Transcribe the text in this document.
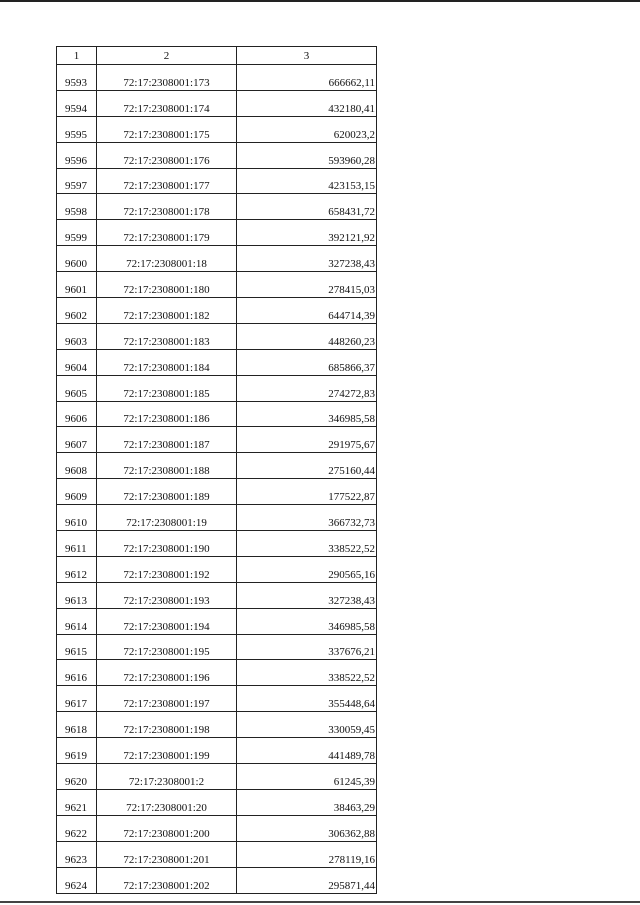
1	2	3
9593	72:17:2308001:173	666662,11
9594	72:17:2308001:174	432180,41
9595	72:17:2308001:175	620023,2
9596	72:17:2308001:176	593960,28
9597	72:17:2308001:177	423153,15
9598	72:17:2308001:178	658431,72
9599	72:17:2308001:179	392121,92
9600	72:17:2308001:18	327238,43
9601	72:17:2308001:180	278415,03
9602	72:17:2308001:182	644714,39
9603	72:17:2308001:183	448260,23
9604	72:17:2308001:184	685866,37
9605	72:17:2308001:185	274272,83
9606	72:17:2308001:186	346985,58
9607	72:17:2308001:187	291975,67
9608	72:17:2308001:188	275160,44
9609	72:17:2308001:189	177522,87
9610	72:17:2308001:19	366732,73
9611	72:17:2308001:190	338522,52
9612	72:17:2308001:192	290565,16
9613	72:17:2308001:193	327238,43
9614	72:17:2308001:194	346985,58
9615	72:17:2308001:195	337676,21
9616	72:17:2308001:196	338522,52
9617	72:17:2308001:197	355448,64
9618	72:17:2308001:198	330059,45
9619	72:17:2308001:199	441489,78
9620	72:17:2308001:2	61245,39
9621	72:17:2308001:20	38463,29
9622	72:17:2308001:200	306362,88
9623	72:17:2308001:201	278119,16
9624	72:17:2308001:202	295871,44
